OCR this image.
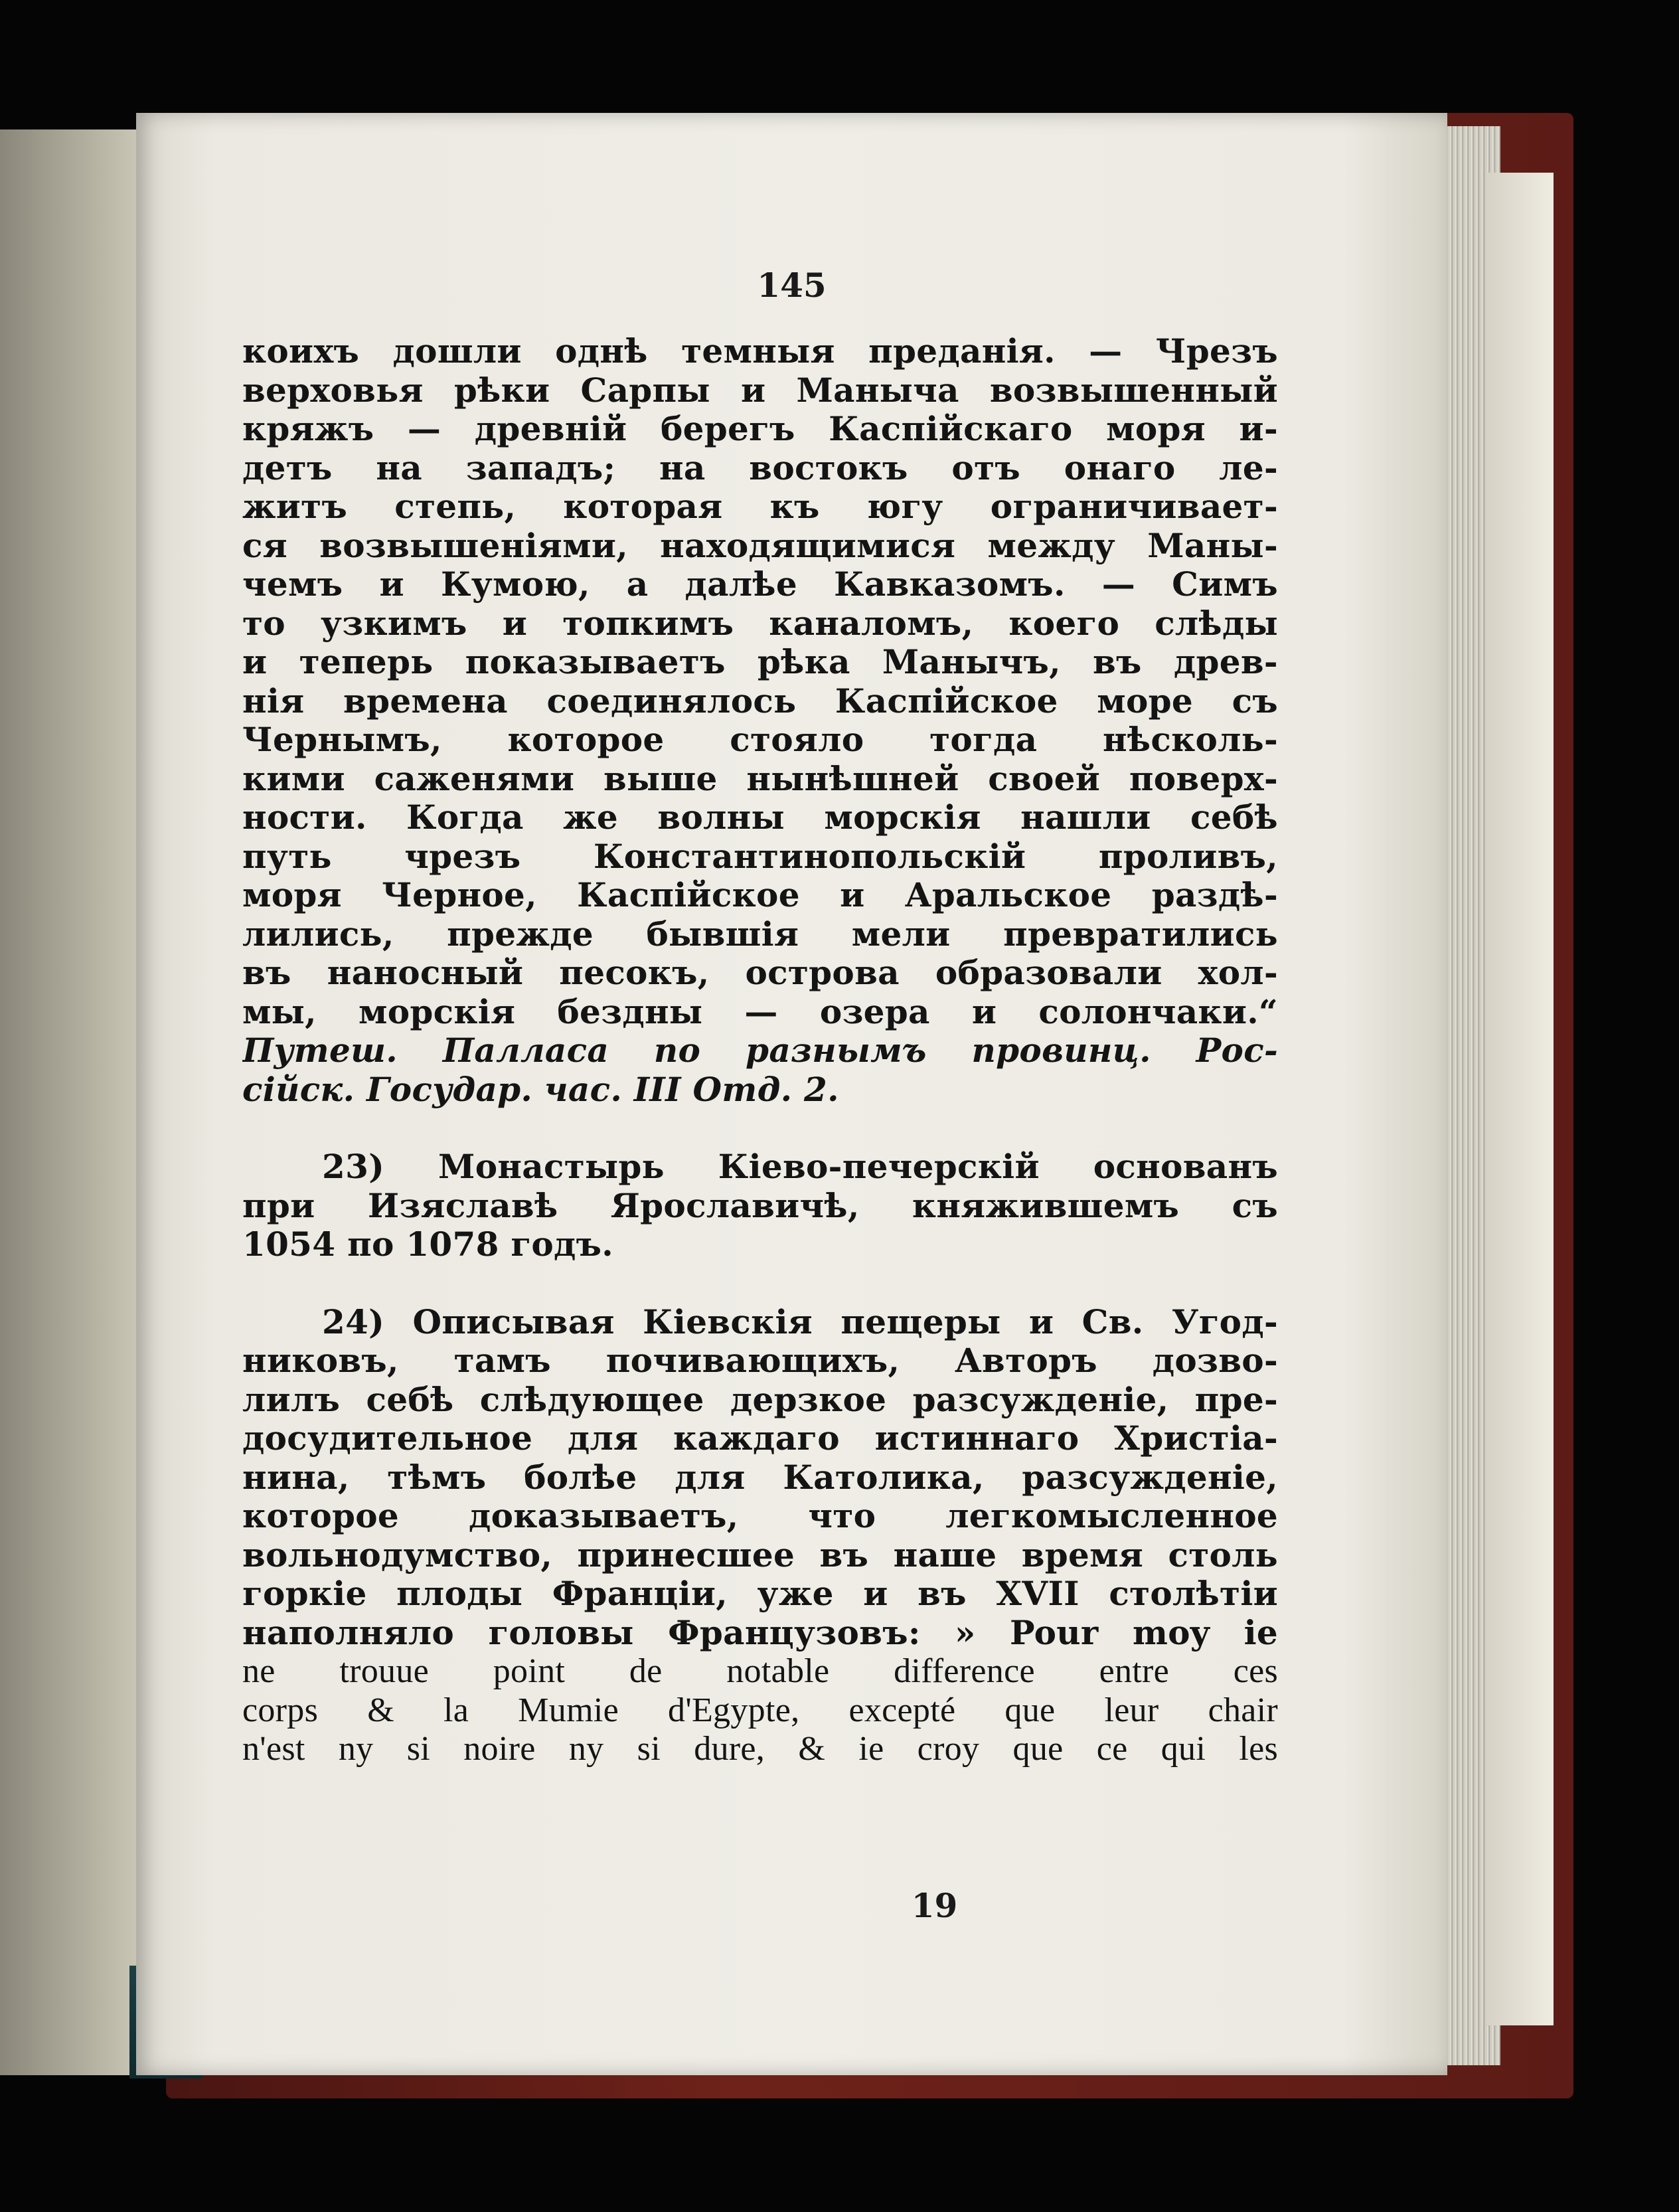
145
коихъ дошли однѣ темныя преданія. — Чрезъ
верховья рѣки Сарпы и Маныча возвышенный
кряжъ — древній берегъ Каспійскаго моря и-
детъ на западъ; на востокъ отъ онаго ле-
житъ степь, которая къ югу ограничивает-
ся возвышеніями, находящимися между Маны-
чемъ и Кумою, а далѣе Кавказомъ. — Симъ
то узкимъ и топкимъ каналомъ, коего слѣды
и теперь показываетъ рѣка Манычъ, въ древ-
нія времена соединялось Каспійское море съ
Чернымъ, которое стояло тогда нѣсколь-
кими саженями выше нынѣшней своей поверх-
ности. Когда же волны морскія нашли себѣ
путь чрезъ Константинопольскій проливъ,
моря Черное, Каспійское и Аральское раздѣ-
лились, прежде бывшія мели превратились
въ наносный песокъ, острова образовали хол-
мы, морскія бездны — озера и солончаки.“
Путеш. Палласа по разнымъ провинц. Рос-
сійск. Государ. час. III Отд. 2.
23) Монастырь Кіево-печерскій основанъ
при Изяславѣ Ярославичѣ, княжившемъ съ
1054 по 1078 годъ.
24) Описывая Кіевскія пещеры и Св. Угод-
никовъ, тамъ почивающихъ, Авторъ дозво-
лилъ себѣ слѣдующее дерзкое разсужденіе, пре-
досудительное для каждаго истиннаго Христіа-
нина, тѣмъ болѣе для Католика, разсужденіе,
которое доказываетъ, что легкомысленное
вольнодумство, принесшее въ наше время столь
горкіе плоды Франціи, уже и въ XVII столѣтіи
наполняло головы Французовъ: » Pour moy ie
ne trouue point de notable difference entre ces
corps & la Mumie d'Egypte, excepté que leur chair
n'est ny si noire ny si dure, & ie croy que ce qui les
19
